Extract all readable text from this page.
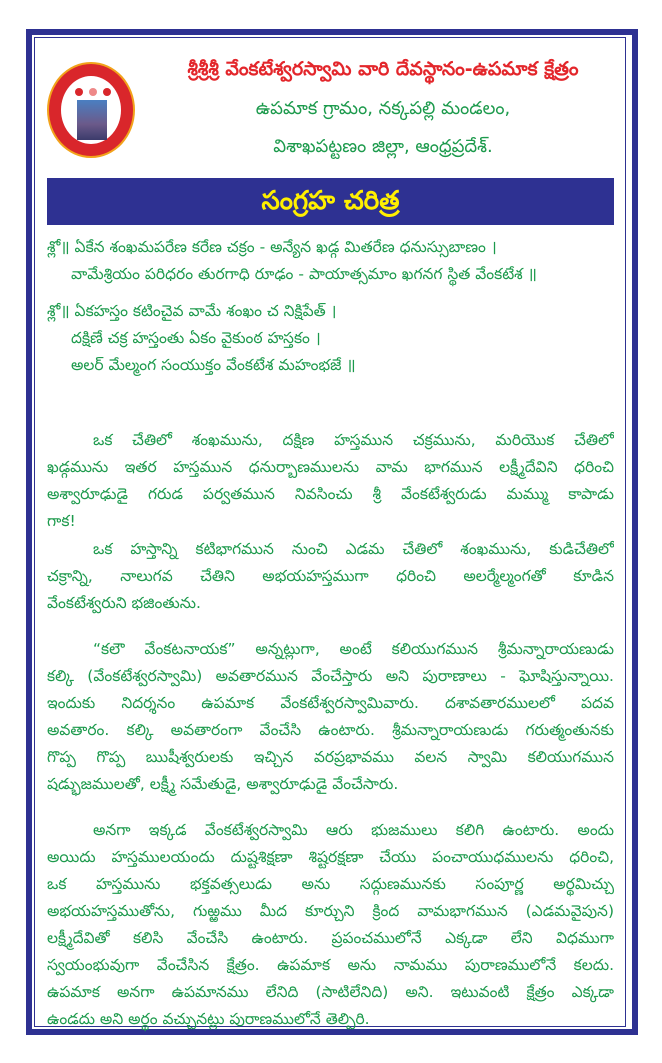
శ్రీశ్రీశ్రీ వేంకటేశ్వరస్వామి వారి దేవస్థానం-ఉపమాక క్షేత్రం
ఉపమాక గ్రామం, నక్కపల్లి మండలం,
విశాఖపట్టణం జిల్లా, ఆంధ్రప్రదేశ్.
సంగ్రహ చరిత్ర
శ్లో॥ ఏకేన శంఖమపరేణ కరేణ చక్రం - అన్యేన ఖడ్గ మితరేణ ధనుస్సుబాణం ।
వామేశ్రియం పరిధరం తురగాధి రూఢం - పాయాత్సమాం ఖగనగ స్థిత వేంకటేశ ॥
శ్లో॥ ఏకహస్తం కటించైవ వామే శంఖం చ నిక్షిపేత్ ।
దక్షిణే చక్ర హస్తంతు ఏకం వైకుంఠ హస్తకం ।
అలర్ మేల్మంగ సంయుక్తం వేంకటేశ మహంభజే ॥
ఒక చేతిలో శంఖమును, దక్షిణ హస్తమున చక్రమును, మరియొక చేతిలో
ఖడ్గమును ఇతర హస్తమున ధనుర్బాణములను వామ భాగమున లక్ష్మీదేవిని ధరించి
అశ్వారూఢుడై గరుడ పర్వతమున నివసించు శ్రీ వేంకటేశ్వరుడు మమ్ము కాపాడు
గాక!
ఒక హస్తాన్ని కటిభాగమున నుంచి ఎడమ చేతిలో శంఖమును, కుడిచేతిలో
చక్రాన్ని, నాలుగవ చేతిని అభయహస్తముగా ధరించి అలర్మేల్మంగతో కూడిన
వేంకటేశ్వరుని భజింతును.
“కలౌ వేంకటనాయక” అన్నట్లుగా, అంటే కలియుగమున శ్రీమన్నారాయణుడు
కల్కి (వేంకటేశ్వరస్వామి) అవతారమున వేంచేస్తారు అని పురాణాలు - ఘోషిస్తున్నాయి.
ఇందుకు నిదర్శనం ఉపమాక వేంకటేశ్వరస్వామివారు. దశావతారములలో పదవ
అవతారం. కల్కి అవతారంగా వేంచేసి ఉంటారు. శ్రీమన్నారాయణుడు గరుత్మంతునకు
గొప్ప గొప్ప ఋషీశ్వరులకు ఇచ్చిన వరప్రభావము వలన స్వామి కలియుగమున
షడ్భుజములతో, లక్ష్మీ సమేతుడై, అశ్వారూఢుడై వేంచేసారు.
అనగా ఇక్కడ వేంకటేశ్వరస్వామి ఆరు భుజములు కలిగి ఉంటారు. అందు
అయిదు హస్తములయందు దుష్టశిక్షణా శిష్టరక్షణా చేయు పంచాయుధములను ధరించి,
ఒక హస్తమును భక్తవత్సలుడు అను సద్గుణమునకు సంపూర్ణ అర్థమిచ్చు
అభయహస్తముతోను, గుఱ్ఱము మీద కూర్చుని క్రింద వామభాగమున (ఎడమవైపున)
లక్ష్మీదేవితో కలిసి వేంచేసి ఉంటారు. ప్రపంచములోనే ఎక్కడా లేని విధముగా
స్వయంభువుగా వేంచేసిన క్షేత్రం. ఉపమాక అను నామము పురాణములోనే కలదు.
ఉపమాక అనగా ఉపమానము లేనిది (సాటిలేనిది) అని. ఇటువంటి క్షేత్రం ఎక్కడా
ఉండదు అని అర్థం వచ్చునట్లు పురాణములోనే తెల్పిరి.
